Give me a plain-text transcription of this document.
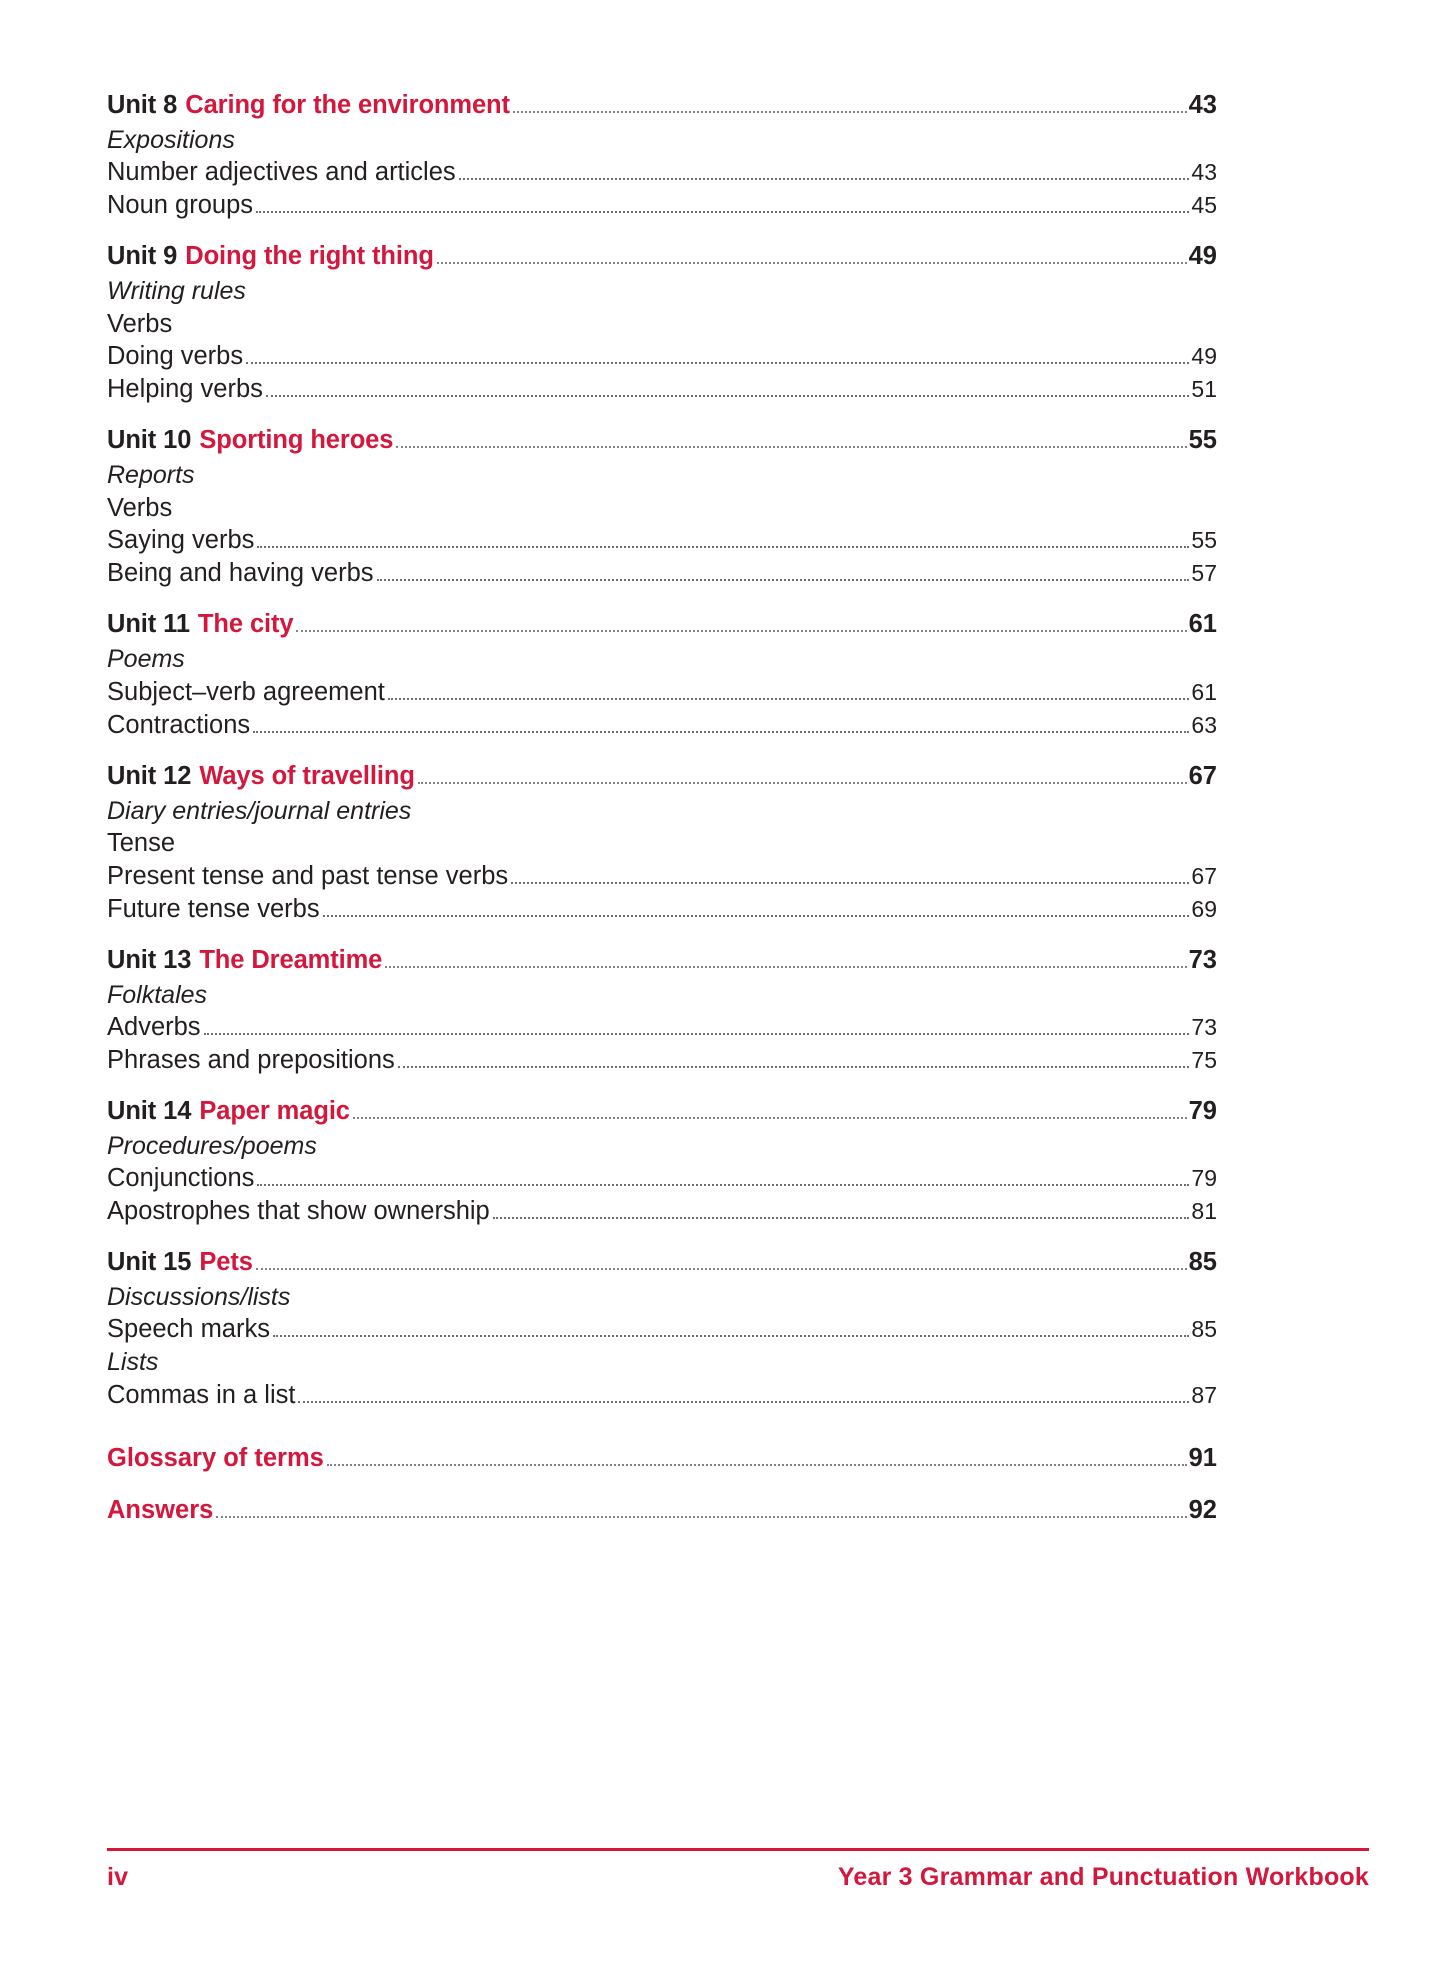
Unit 8 Caring for the environment	43
Expositions
Number adjectives and articles	43
Noun groups	45
Unit 9 Doing the right thing	49
Writing rules
Verbs
Doing verbs	49
Helping verbs	51
Unit 10 Sporting heroes	55
Reports
Verbs
Saying verbs	55
Being and having verbs	57
Unit 11 The city	61
Poems
Subject–verb agreement	61
Contractions	63
Unit 12 Ways of travelling	67
Diary entries/journal entries
Tense
Present tense and past tense verbs	67
Future tense verbs	69
Unit 13 The Dreamtime	73
Folktales
Adverbs	73
Phrases and prepositions	75
Unit 14 Paper magic	79
Procedures/poems
Conjunctions	79
Apostrophes that show ownership	81
Unit 15 Pets	85
Discussions/lists
Speech marks	85
Lists
Commas in a list	87
Glossary of terms	91
Answers	92
iv	Year 3 Grammar and Punctuation Workbook
